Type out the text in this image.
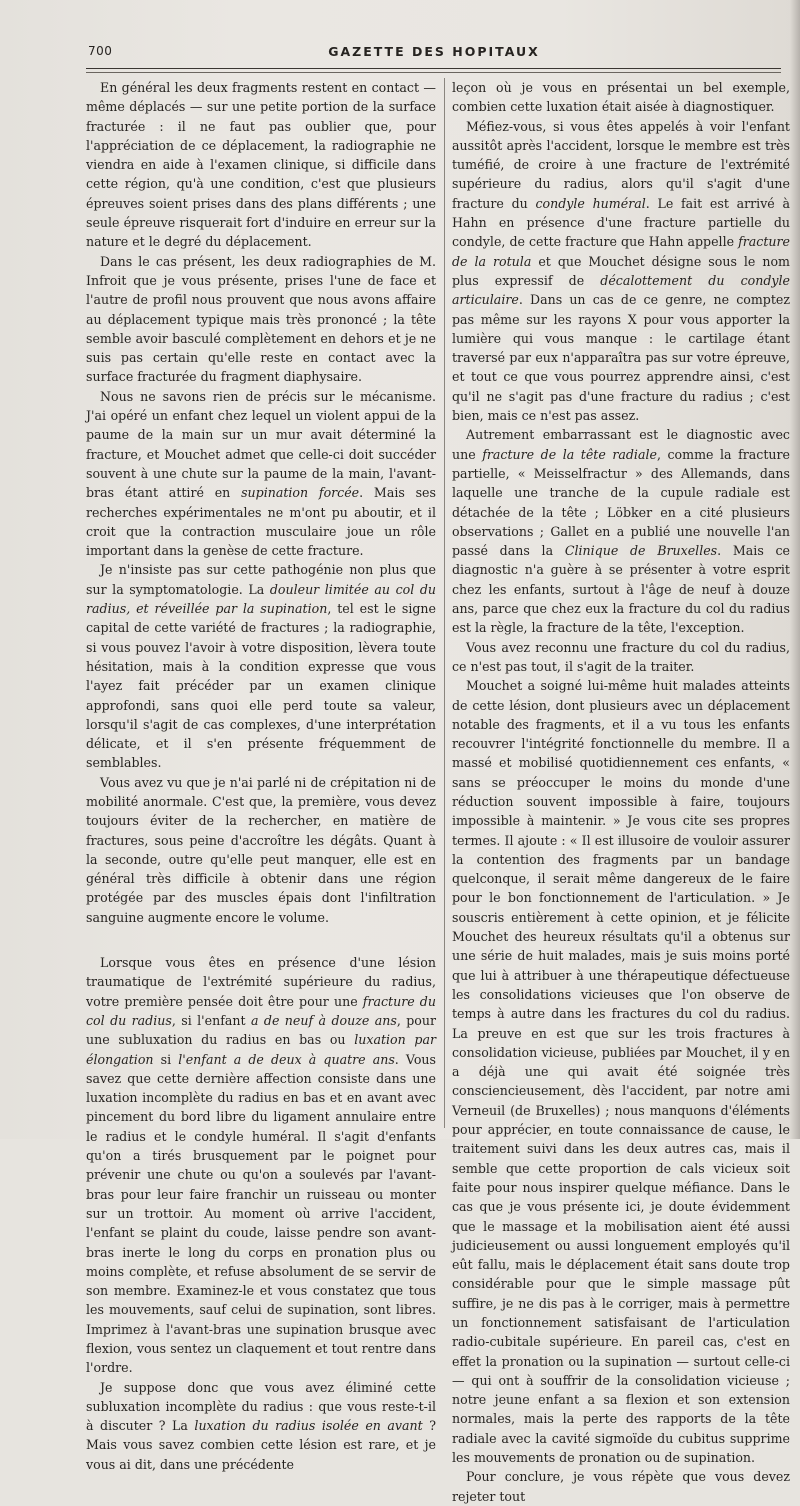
700	GAZETTE DES HOPITAUX

En général les deux fragments restent en contact — même déplacés — sur une petite portion de la surface fracturée : il ne faut pas oublier que, pour l'appréciation de ce déplacement, la radiographie ne viendra en aide à l'examen clinique, si difficile dans cette région, qu'à une condition, c'est que plusieurs épreuves soient prises dans des plans différents ; une seule épreuve risquerait fort d'induire en erreur sur la nature et le degré du déplacement.

Dans le cas présent, les deux radiographies de M. Infroit que je vous présente, prises l'une de face et l'autre de profil nous prouvent que nous avons affaire au déplacement typique mais très prononcé ; la tête semble avoir basculé complètement en dehors et je ne suis pas certain qu'elle reste en contact avec la surface fracturée du fragment diaphysaire.

Nous ne savons rien de précis sur le mécanisme. J'ai opéré un enfant chez lequel un violent appui de la paume de la main sur un mur avait déterminé la fracture, et Mouchet admet que celle-ci doit succéder souvent à une chute sur la paume de la main, l'avant-bras étant attiré en supination forcée. Mais ses recherches expérimentales ne m'ont pu aboutir, et il croit que la contraction musculaire joue un rôle important dans la genèse de cette fracture.

Je n'insiste pas sur cette pathogénie non plus que sur la symptomatologie. La douleur limitée au col du radius, et réveillée par la supination, tel est le signe capital de cette variété de fractures ; la radiographie, si vous pouvez l'avoir à votre disposition, lèvera toute hésitation, mais à la condition expresse que vous l'ayez fait précéder par un examen clinique approfondi, sans quoi elle perd toute sa valeur, lorsqu'il s'agit de cas complexes, d'une interprétation délicate, et il s'en présente fréquemment de semblables.

Vous avez vu que je n'ai parlé ni de crépitation ni de mobilité anormale. C'est que, la première, vous devez toujours éviter de la rechercher, en matière de fractures, sous peine d'accroître les dégâts. Quant à la seconde, outre qu'elle peut manquer, elle est en général très difficile à obtenir dans une région protégée par des muscles épais dont l'infiltration sanguine augmente encore le volume.

Lorsque vous êtes en présence d'une lésion traumatique de l'extrémité supérieure du radius, votre première pensée doit être pour une fracture du col du radius, si l'enfant a de neuf à douze ans, pour une subluxation du radius en bas ou luxation par élongation si l'enfant a de deux à quatre ans. Vous savez que cette dernière affection consiste dans une luxation incomplète du radius en bas et en avant avec pincement du bord libre du ligament annulaire entre le radius et le condyle huméral. Il s'agit d'enfants qu'on a tirés brusquement par le poignet pour prévenir une chute ou qu'on a soulevés par l'avant-bras pour leur faire franchir un ruisseau ou monter sur un trottoir. Au moment où arrive l'accident, l'enfant se plaint du coude, laisse pendre son avant-bras inerte le long du corps en pronation plus ou moins complète, et refuse absolument de se servir de son membre. Examinez-le et vous constatez que tous les mouvements, sauf celui de supination, sont libres. Imprimez à l'avant-bras une supination brusque avec flexion, vous sentez un claquement et tout rentre dans l'ordre.

Je suppose donc que vous avez éliminé cette subluxation incomplète du radius : que vous reste-t-il à discuter ? La luxation du radius isolée en avant ? Mais vous savez combien cette lésion est rare, et je vous ai dit, dans une précédente

leçon où je vous en présentai un bel exemple, combien cette luxation était aisée à diagnostiquer.

Méfiez-vous, si vous êtes appelés à voir l'enfant aussitôt après l'accident, lorsque le membre est très tuméfié, de croire à une fracture de l'extrémité supérieure du radius, alors qu'il s'agit d'une fracture du condyle huméral. Le fait est arrivé à Hahn en présence d'une fracture partielle du condyle, de cette fracture que Hahn appelle fracture de la rotula et que Mouchet désigne sous le nom plus expressif de décalottement du condyle articulaire. Dans un cas de ce genre, ne comptez pas même sur les rayons X pour vous apporter la lumière qui vous manque : le cartilage étant traversé par eux n'apparaîtra pas sur votre épreuve, et tout ce que vous pourrez apprendre ainsi, c'est qu'il ne s'agit pas d'une fracture du radius ; c'est bien, mais ce n'est pas assez.

Autrement embarrassant est le diagnostic avec une fracture de la tête radiale, comme la fracture partielle, « Meisselfractur » des Allemands, dans laquelle une tranche de la cupule radiale est détachée de la tête ; Löbker en a cité plusieurs observations ; Gallet en a publié une nouvelle l'an passé dans la Clinique de Bruxelles. Mais ce diagnostic n'a guère à se présenter à votre esprit chez les enfants, surtout à l'âge de neuf à douze ans, parce que chez eux la fracture du col du radius est la règle, la fracture de la tête, l'exception.

Vous avez reconnu une fracture du col du radius, ce n'est pas tout, il s'agit de la traiter.

Mouchet a soigné lui-même huit malades atteints de cette lésion, dont plusieurs avec un déplacement notable des fragments, et il a vu tous les enfants recouvrer l'intégrité fonctionnelle du membre. Il a massé et mobilisé quotidiennement ces enfants, « sans se préoccuper le moins du monde d'une réduction souvent impossible à faire, toujours impossible à maintenir. » Je vous cite ses propres termes. Il ajoute : « Il est illusoire de vouloir assurer la contention des fragments par un bandage quelconque, il serait même dangereux de le faire pour le bon fonctionnement de l'articulation. » Je souscris entièrement à cette opinion, et je félicite Mouchet des heureux résultats qu'il a obtenus sur une série de huit malades, mais je suis moins porté que lui à attribuer à une thérapeutique défectueuse les consolidations vicieuses que l'on observe de temps à autre dans les fractures du col du radius. La preuve en est que sur les trois fractures à consolidation vicieuse, publiées par Mouchet, il y en a déjà une qui avait été soignée très consciencieusement, dès l'accident, par notre ami Verneuil (de Bruxelles) ; nous manquons d'éléments pour apprécier, en toute connaissance de cause, le traitement suivi dans les deux autres cas, mais il semble que cette proportion de cals vicieux soit faite pour nous inspirer quelque méfiance. Dans le cas que je vous présente ici, je doute évidemment que le massage et la mobilisation aient été aussi judicieusement ou aussi longuement employés qu'il eût fallu, mais le déplacement était sans doute trop considérable pour que le simple massage pût suffire, je ne dis pas à le corriger, mais à permettre un fonctionnement satisfaisant de l'articulation radio-cubitale supérieure. En pareil cas, c'est en effet la pronation ou la supination — surtout celle-ci — qui ont à souffrir de la consolidation vicieuse ; notre jeune enfant a sa flexion et son extension normales, mais la perte des rapports de la tête radiale avec la cavité sigmoïde du cubitus supprime les mouvements de pronation ou de supination.

Pour conclure, je vous répète que vous devez rejeter tout
